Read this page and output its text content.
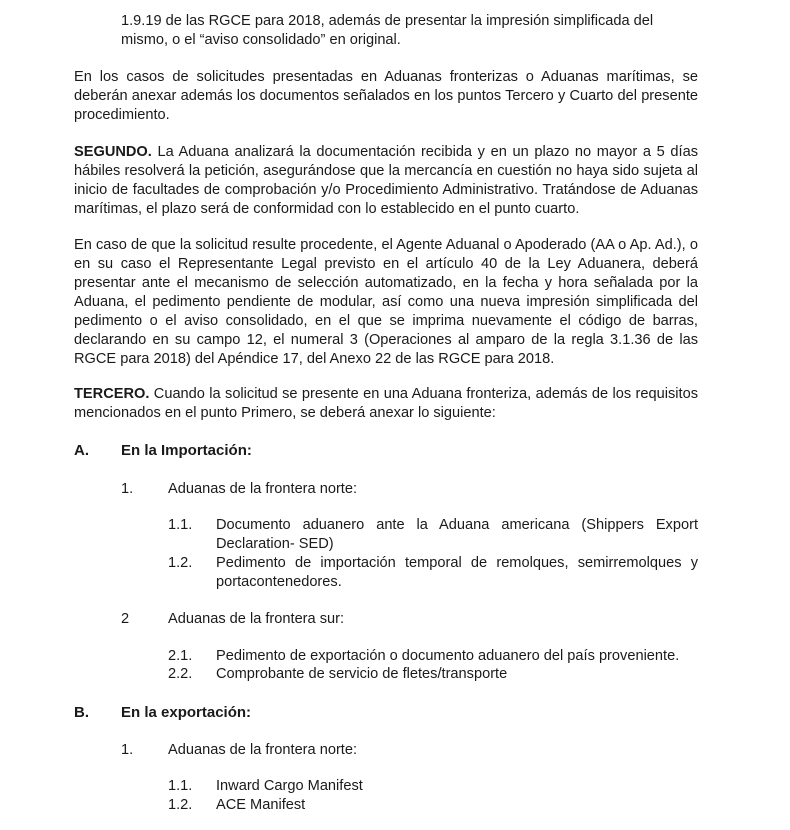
1.9.19 de las RGCE para 2018, además de presentar la impresión simplificada del
mismo, o el “aviso consolidado” en original.

En los casos de solicitudes presentadas en Aduanas fronterizas o Aduanas marítimas, se deberán anexar además los documentos señalados en los puntos Tercero y Cuarto del presente procedimiento.

SEGUNDO. La Aduana analizará la documentación recibida y en un plazo no mayor a 5 días hábiles resolverá la petición, asegurándose que la mercancía en cuestión no haya sido sujeta al inicio de facultades de comprobación y/o Procedimiento Administrativo. Tratándose de Aduanas marítimas, el plazo será de conformidad con lo establecido en el punto cuarto.

En caso de que la solicitud resulte procedente, el Agente Aduanal o Apoderado (AA o Ap. Ad.), o en su caso el Representante Legal previsto en el artículo 40 de la Ley Aduanera, deberá presentar ante el mecanismo de selección automatizado, en la fecha y hora señalada por la Aduana, el pedimento pendiente de modular, así como una nueva impresión simplificada del pedimento o el aviso consolidado, en el que se imprima nuevamente el código de barras, declarando en su campo 12, el numeral 3 (Operaciones al amparo de la regla 3.1.36 de las RGCE para 2018) del Apéndice 17, del Anexo 22 de las RGCE para 2018.

TERCERO. Cuando la solicitud se presente en una Aduana fronteriza, además de los requisitos mencionados en el punto Primero, se deberá anexar lo siguiente:

A. En la Importación:
1. Aduanas de la frontera norte:
1.1. Documento aduanero ante la Aduana americana (Shippers Export Declaration- SED)
1.2. Pedimento de importación temporal de remolques, semirremolques y portacontenedores.
2	Aduanas de la frontera sur:
2.1. Pedimento de exportación o documento aduanero del país proveniente.
2.2. Comprobante de servicio de fletes/transporte
B. En la exportación:
1. Aduanas de la frontera norte:
1.1. Inward Cargo Manifest
1.2. ACE Manifest
